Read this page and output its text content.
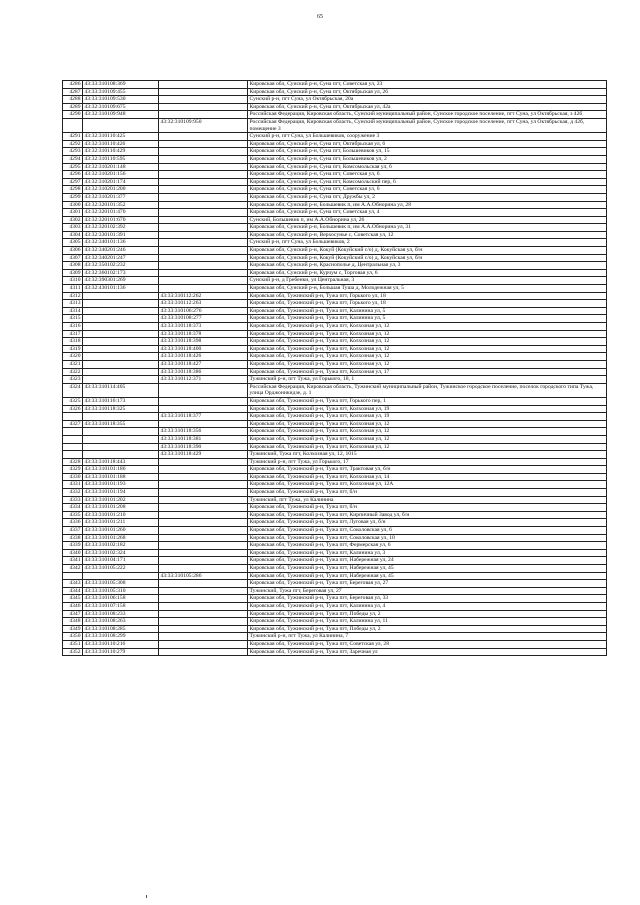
65
4286	43:33:310108:369		Кировская обл, Сунский р-н, Суна пгт, Советская ул, 23
4287	43:33:310109:455		Кировская обл, Сунский р-н, Суна пгт, Октябрьская ул, 26
4288	43:33:310109:530		Сунский р-н, пгт Суна, ул Октябрьская, 20а
4289	43:32:310109:675		Кировская обл, Сунский р-н, Суна пгт, Октябрьская ул, 42а
4290	43:32:310109:948		Российская Федерация, Кировская область, Сунский муниципальный район, Сунское городское поселение, пгт Суна, ул Октябрьская, з 42б
		43:32:310109:950	Российская Федерация, Кировская область, Сунский муниципальный район, Сунское городское поселение, пгт Суна, ул Октябрьская, д 42б, помещение 3
4291	43:32:310110:425		Сунский р-н, пгт Суна, ул Большевиков, сооружение 3
4292	43:32:310110:426		Кировская обл, Сунский р-н, Суна пгт, Октябрьская ул, 6
4293	43:32:310110:429		Кировская обл, Сунский р-н, Суна пгт, Большевиков ул, 15
4294	43:32:310110:595		Кировская обл, Сунский р-н, Суна пгт, Большевиков ул, 2
4295	43:32:310201:148		Кировская обл, Сунский р-н, Суна пгт, Комсомольская ул, 6
4296	43:32:310201:156		Кировская обл, Сунский р-н, Суна пгт, Советская ул, 6
4297	43:32:310201:174		Кировская обл, Сунский р-н, Суна пгт, Комсомольский пер, 6
4298	43:32:310201:200		Кировская обл, Сунский р-н, Суна пгт, Советская ул, 6
4299	43:32:310201:377		Кировская обл, Сунский р-н, Суна пгт, Дружбы ул, 2
4300	43:32:320101:352		Кировская обл, Сунский р-н, Большевик п, им А.А.Обнорина ул, 28
4301	43:32:320101:470		Кировская обл, Сунский р-н, Суна пгт, Советская ул, 4
4302	43:32:320101:670		Сунский, Большевик п, им А.А.Обнорина ул, 26
4303	43:32:320102:392		Кировская обл, Сунский р-н, Большевик п, им А.А.Обнорина ул, 31
4304	43:32:330101:391		Кировская обл, Сунский р-н, Верхосунье с, Советская ул, 12
4305	43:32:340101:136		Сунский р-н, пгт Суна, ул Большевиков, 2
4306	43:32:340201:246		Кировская обл, Сунский р-н, Кокуй (Кокуйский с/о) д, Кокуйская ул, б/н
4307	43:32:340201:247		Кировская обл, Сунский р-н, Кокуй (Кокуйский с/о) д, Кокуйская ул, б/н
4308	43:32:350102:232		Кировская обл, Сунский р-н, Краснополье д, Центральная ул, 3
4309	43:32:360102:173		Кировская обл, Сунский р-н, Курчум с, Торговая ул, 6
4310	43:32:390301:269		Сунский р-н, д Гребенки, ул Центральная, 3
4311	43:32:430101:136		Кировская обл, Сунский р-н, Большая Туша д, Молодежная ул, 5
4312		43:33:310112:262	Кировская обл, Тужинский р-н, Тужа пгт, Горького ул, 18
4313		43:33:310112:263	Кировская обл, Тужинский р-н, Тужа пгт, Горького ул, 18
4314		43:33:310106:276	Кировская обл, Тужинский р-н, Тужа пгт, Калинина ул, 5
4315		43:33:310108:277	Кировская обл, Тужинский р-н, Тужа пгт, Калинина ул, 5
4316		43:33:310118:373	Кировская обл, Тужинский р-н, Тужа пгт, Колхозная ул, 12
4317		43:33:310118:378	Кировская обл, Тужинский р-н, Тужа пгт, Колхозная ул, 12
4318		43:33:310118:398	Кировская обл, Тужинский р-н, Тужа пгт, Колхозная ул, 12
4319		43:33:310118:400	Кировская обл, Тужинский р-н, Тужа пгт, Колхозная ул, 12
4320		43:33:310118:426	Кировская обл, Тужинский р-н, Тужа пгт, Колхозная ул, 12
4321		43:33:310118:427	Кировская обл, Тужинский р-н, Тужа пгт, Колхозная ул, 12
4322		43:33:310118:386	Кировская обл, Тужинский р-н, Тужа пгт, Колхозная ул, 17
4323		43:33:310112:371	Тужинский р-н, пгт Тужа, ул Горького, 18, 1
4324	43:33:310114:405		Российская Федерация, Кировская область, Тужинский муниципальный район, Тужинское городское поселение, поселок городского типа Тужа, улица Орджоникидзе, д. 1
4325	43:33:310116:173		Кировская обл, Тужинский р-н, Тужа пгт, Горького пер, 1
4326	43:33:310118:325		Кировская обл, Тужинский р-н, Тужа пгт, Колхозная ул, 19
		43:33:310118:377	Кировская обл, Тужинский р-н, Тужа пгт, Колхозная ул, 19
4327	43:33:310118:355		Кировская обл, Тужинский р-н, Тужа пгт, Колхозная ул, 12
		43:33:310118:356	Кировская обл, Тужинский р-н, Тужа пгт, Колхозная ул, 12
		43:33:310118:381	Кировская обл, Тужинский р-н, Тужа пгт, Колхозная ул, 12
		43:33:310118:390	Кировская обл, Тужинский р-н, Тужа пгт, Колхозная ул, 12
		43:33:310118:429	Тужинский, Тужа пгт, Колхозная ул, 12, 1015
4328	43:33:310118:443		Тужинский р-н, пгт Тужа, ул Горького, 17
4329	43:33:310101:186		Кировская обл, Тужинский р-н, Тужа пгт, Трактовая ул, б/н
4330	43:33:310101:188		Кировская обл, Тужинский р-н, Тужа пгт, Колхозная ул, 14
4331	43:33:310101:193		Кировская обл, Тужинский р-н, Тужа пгт, Колхозная ул, 12А
4332	43:33:310101:194		Кировская обл, Тужинский р-н, Тужа пгт, б/н
4333	43:33:310101:202		Тужинский, пгт Тужа, ул Калинина
4334	43:33:310101:208		Кировская обл, Тужинский р-н, Тужа пгт, б/н
4335	43:33:310101:210		Кировская обл, Тужинский р-н, Тужа пгт, Кирпичный Завод ул, б/н
4336	43:33:310101:211		Кировская обл, Тужинский р-н, Тужа пгт, Луговая ул, б/н
4337	43:33:310101:260		Кировская обл, Тужинский р-н, Тужа пгт, Соколовская ул, 6
4338	43:33:310101:268		Кировская обл, Тужинский р-н, Тужа пгт, Соколовская ул, 10
4339	43:33:310102:182		Кировская обл, Тужинский р-н, Тужа пгт, Фермерская ул, 6
4340	43:33:310102:324		Кировская обл, Тужинский р-н, Тужа пгт, Калинина ул, 3
4341	43:33:310104:171		Кировская обл, Тужинский р-н, Тужа пгт, Набережная ул, 24
4342	43:33:310105:222		Кировская обл, Тужинский р-н, Тужа пгт, Набережная ул, 45
		43:33:310105:286	Кировская обл, Тужинский р-н, Тужа пгт, Набережная ул, 45
4343	43:33:310105:308		Кировская обл, Тужинский р-н, Тужа пгт, Береговая ул, 27
4344	43:33:310105:310		Тужинский, Тужа пгт, Береговая ул, 27
4345	43:33:310106:158		Кировская обл, Тужинский р-н, Тужа пгт, Береговая ул, 33
4346	43:33:310107:158		Кировская обл, Тужинский р-н, Тужа пгт, Калинина ул, 4
4347	43:33:310108:233		Кировская обл, Тужинский р-н, Тужа пгт, Победы ул, 2
4348	43:33:310108:263		Кировская обл, Тужинский р-н, Тужа пгт, Калинина ул, 11
4349	43:33:310108:285		Кировская обл, Тужинский р-н, Тужа пгт, Победы ул, 2
4350	43:33:310108:299		Тужинский р-н, пгт Тужа, ул Калинина, 7
4351	43:33:310110:216		Кировская обл, Тужинский р-н, Тужа пгт, Советская ул, 28
4352	43:33:310110:279		Кировская обл, Тужинский р-н, Тужа пгт, Заречная ул
